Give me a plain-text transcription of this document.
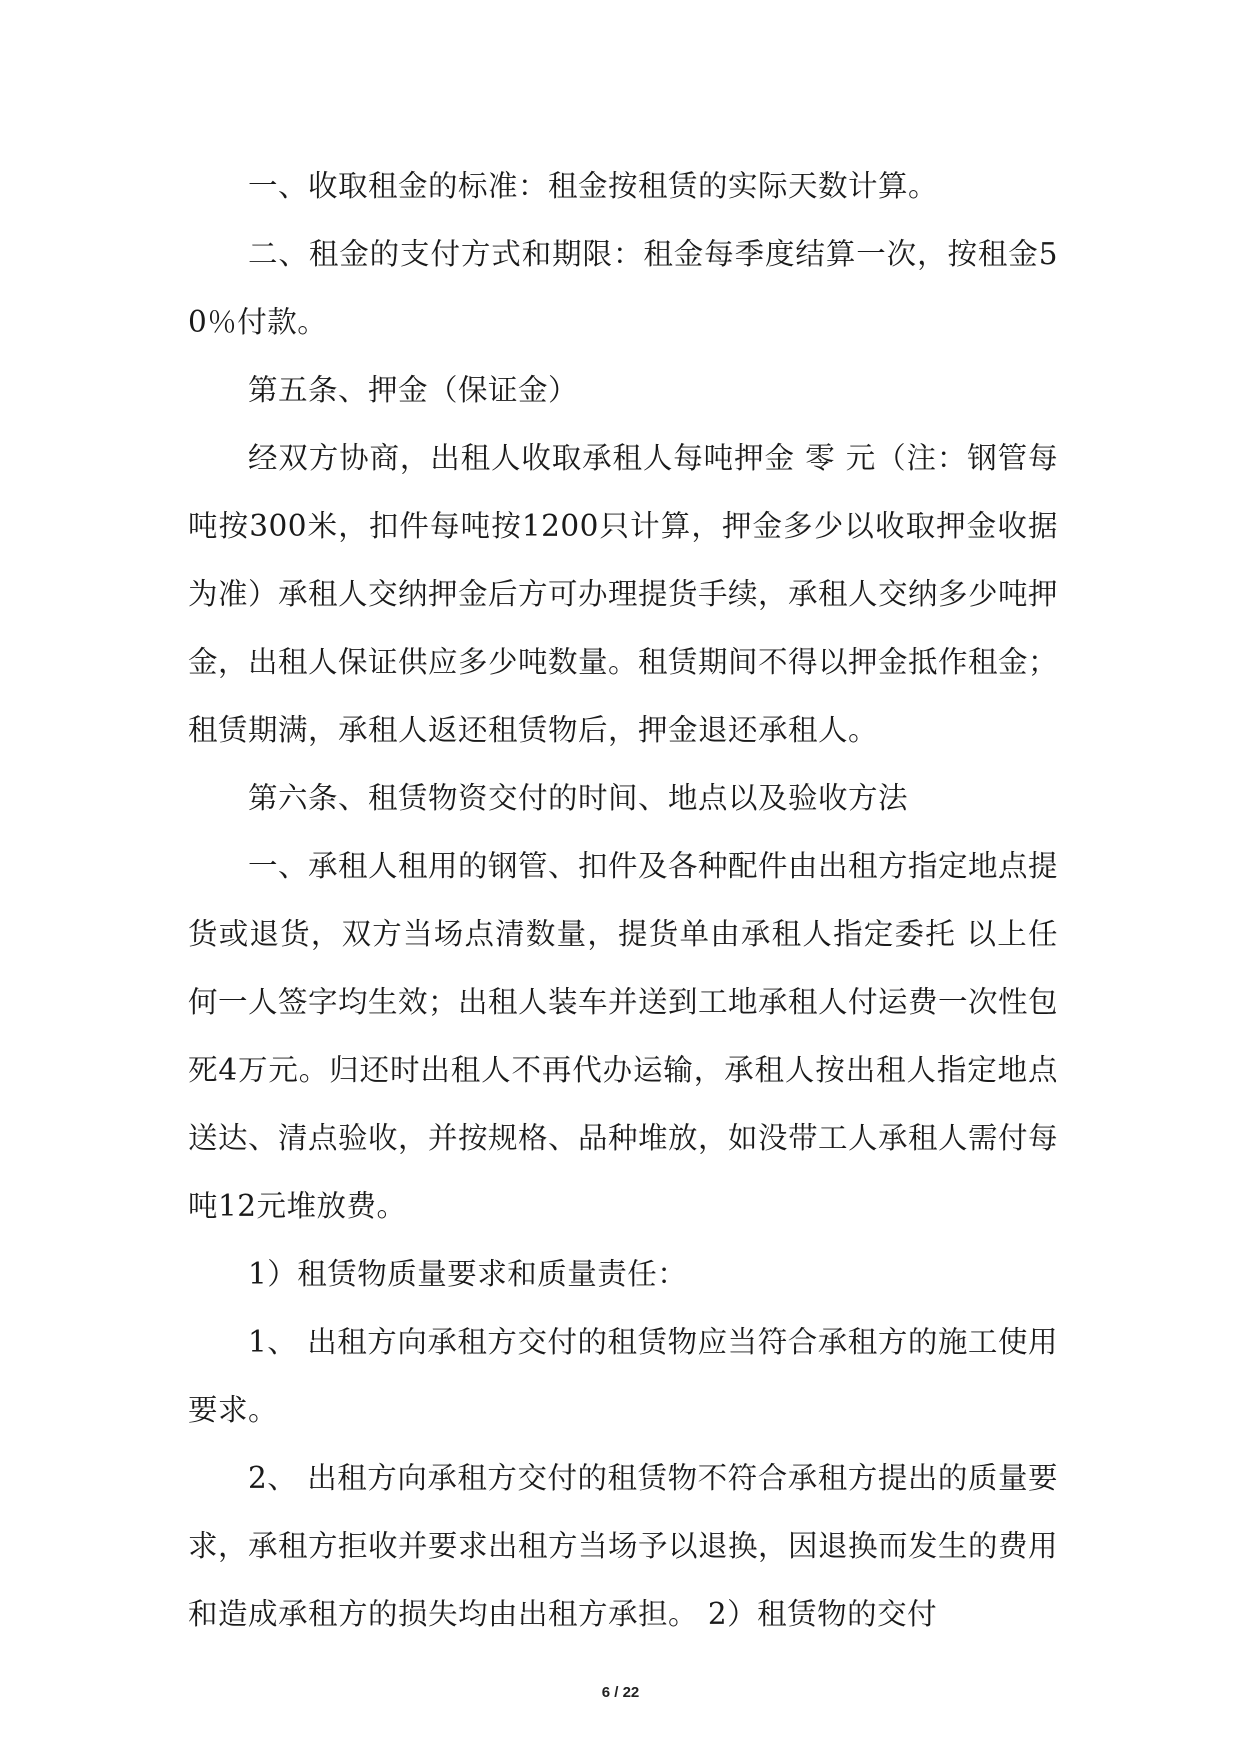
一、收取租金的标准：租金按租赁的实际天数计算。

二、租金的支付方式和期限：租金每季度结算一次，按租金50％付款。

第五条、押金（保证金）

经双方协商，出租人收取承租人每吨押金 零 元（注：钢管每吨按300米，扣件每吨按1200只计算，押金多少以收取押金收据为准）承租人交纳押金后方可办理提货手续，承租人交纳多少吨押金，出租人保证供应多少吨数量。租赁期间不得以押金抵作租金；租赁期满，承租人返还租赁物后，押金退还承租人。

第六条、租赁物资交付的时间、地点以及验收方法

一、承租人租用的钢管、扣件及各种配件由出租方指定地点提货或退货，双方当场点清数量，提货单由承租人指定委托 以上任何一人签字均生效；出租人装车并送到工地承租人付运费一次性包死4万元。归还时出租人不再代办运输，承租人按出租人指定地点送达、清点验收，并按规格、品种堆放，如没带工人承租人需付每吨12元堆放费。

1）租赁物质量要求和质量责任：

1、 出租方向承租方交付的租赁物应当符合承租方的施工使用要求。

2、 出租方向承租方交付的租赁物不符合承租方提出的质量要求，承租方拒收并要求出租方当场予以退换，因退换而发生的费用和造成承租方的损失均由出租方承担。 2）租赁物的交付

6 / 22
